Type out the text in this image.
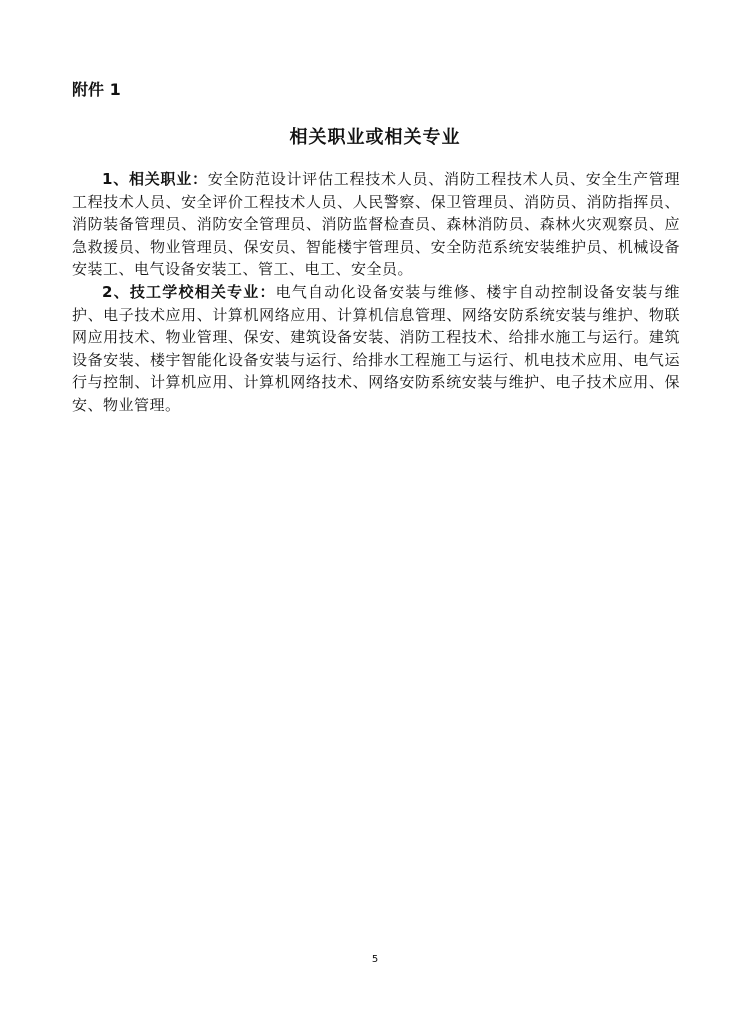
附件 1
相关职业或相关专业

1、相关职业：安全防范设计评估工程技术人员、消防工程技术人员、安全生产管理工程技术人员、安全评价工程技术人员、人民警察、保卫管理员、消防员、消防指挥员、消防装备管理员、消防安全管理员、消防监督检查员、森林消防员、森林火灾观察员、应急救援员、物业管理员、保安员、智能楼宇管理员、安全防范系统安装维护员、机械设备安装工、电气设备安装工、管工、电工、安全员。

2、技工学校相关专业：电气自动化设备安装与维修、楼宇自动控制设备安装与维护、电子技术应用、计算机网络应用、计算机信息管理、网络安防系统安装与维护、物联网应用技术、物业管理、保安、建筑设备安装、消防工程技术、给排水施工与运行。建筑设备安装、楼宇智能化设备安装与运行、给排水工程施工与运行、机电技术应用、电气运行与控制、计算机应用、计算机网络技术、网络安防系统安装与维护、电子技术应用、保安、物业管理。

5
